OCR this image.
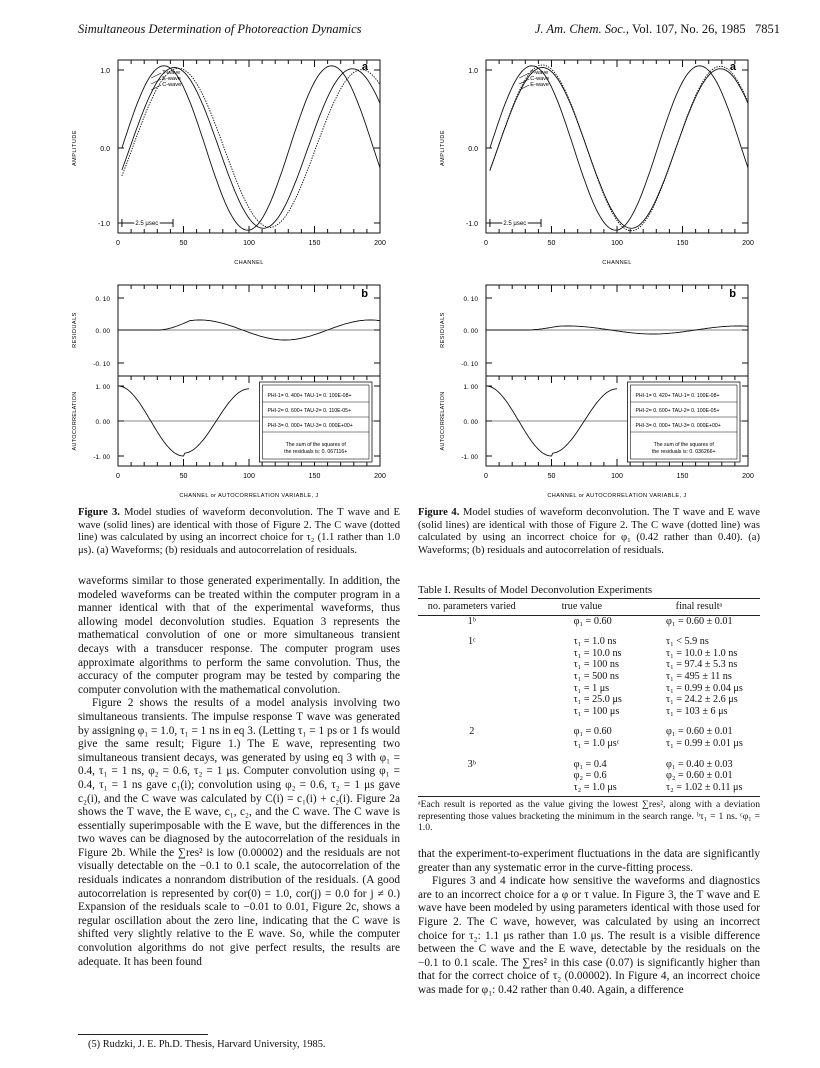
Simultaneous Determination of Photoreaction Dynamics	J. Am. Chem. Soc., Vol. 107, No. 26, 1985 7851
1.0
0.0
-1.0
AMPLITUDE
a
T-wave
E-wave
C-wave
2.5 μsec
0	50	100	150	200
CHANNEL
0. 10
0. 00
-0. 10
RESIDUALS
b
1. 00
0. 00
-1. 00
AUTOCORRELATION	PHI-1= 0. 400+ TAU-1= 0. 100E-08+
PHI-2= 0. 600+ TAU-2= 0. 110E-05+
PHI-3= 0. 000+ TAU-3= 0. 000E+00+
The sum of the squares of
the residuals is: 0. 067116+
0	50	100	150	200
CHANNEL or AUTOCORRELATION VARIABLE, J
1.0
0.0
-1.0
AMPLITUDE
a
T-wave
C-wave
E-wave
2.5 μsec
0	50	100	150	200
CHANNEL
0. 10
0. 00
-0. 10
RESIDUALS
b
1. 00
0. 00
-1. 00
AUTOCORRELATION	PHI-1= 0. 420+ TAU-1= 0. 100E-08+
PHI-2= 0. 600+ TAU-2= 0. 100E-05+
PHI-3= 0. 000+ TAU-3= 0. 000E+00+
The sum of the squares of
the residuals is: 0. 036266+
0	50	100	150	200
CHANNEL or AUTOCORRELATION VARIABLE, J
Figure 3. Model studies of waveform deconvolution. The T wave and E wave (solid lines) are identical with those of Figure 2. The C wave (dotted line) was calculated by using an incorrect choice for τ₂ (1.1 rather than 1.0 μs). (a) Waveforms; (b) residuals and autocorrelation of residuals.
Figure 4. Model studies of waveform deconvolution. The T wave and E wave (solid lines) are identical with those of Figure 2. The C wave (dotted line) was calculated by using an incorrect choice for φ₁ (0.42 rather than 0.40). (a) Waveforms; (b) residuals and autocorrelation of residuals.

waveforms similar to those generated experimentally. In addition, the modeled waveforms can be treated within the computer program in a manner identical with that of the experimental waveforms, thus allowing model deconvolution studies. Equation 3 represents the mathematical convolution of one or more simultaneous transient decays with a transducer response. The computer program uses approximate algorithms to perform the same convolution. Thus, the accuracy of the computer program may be tested by comparing the computer convolution with the mathematical convolution.

Figure 2 shows the results of a model analysis involving two simultaneous transients. The impulse response T wave was generated by assigning φ₁ = 1.0, τ₁ = 1 ns in eq 3. (Letting τ₁ = 1 ps or 1 fs would give the same result; Figure 1.) The E wave, representing two simultaneous transient decays, was generated by using eq 3 with φ₁ = 0.4, τ₁ = 1 ns, φ₂ = 0.6, τ₂ = 1 μs. Computer convolution using φ₁ = 0.4, τ₁ = 1 ns gave c₁(i); convolution using φ₂ = 0.6, τ₂ = 1 μs gave c₂(i), and the C wave was calculated by C(i) = c₁(i) + c₂(i). Figure 2a shows the T wave, the E wave, c₁, c₂, and the C wave. The C wave is essentially superimposable with the E wave, but the differences in the two waves can be diagnosed by the autocorrelation of the residuals in Figure 2b. While the ∑res² is low (0.00002) and the residuals are not visually detectable on the −0.1 to 0.1 scale, the autocorrelation of the residuals indicates a nonrandom distribution of the residuals. (A good autocorrelation is represented by cor(0) = 1.0, cor(j) = 0.0 for j ≠ 0.) Expansion of the residuals scale to −0.01 to 0.01, Figure 2c, shows a regular oscillation about the zero line, indicating that the C wave is shifted very slightly relative to the E wave. So, while the computer convolution algorithms do not give perfect results, the results are adequate. It has been found

(5) Rudzki, J. E. Ph.D. Thesis, Harvard University, 1985.
Table I. Results of Model Deconvolution Experiments
no. parameters varied	true value	final resultᵃ
1ᵇ	φ₁ = 0.60	φ₁ = 0.60 ± 0.01
1ᶜ	τ₁ = 1.0 ns	τ₁ < 5.9 ns
	τ₁ = 10.0 ns	τ₁ = 10.0 ± 1.0 ns
	τ₁ = 100 ns	τ₁ = 97.4 ± 5.3 ns
	τ₁ = 500 ns	τ₁ = 495 ± 11 ns
	τ₁ = 1 μs	τ₁ = 0.99 ± 0.04 μs
	τ₁ = 25.0 μs	τ₁ = 24.2 ± 2.6 μs
	τ₁ = 100 μs	τ₁ = 103 ± 6 μs
2	φ₁ = 0.60	φ₁ = 0.60 ± 0.01
	τ₁ = 1.0 μsᶜ	τ₁ = 0.99 ± 0.01 μs
3ᵇ	φ₁ = 0.4	φ₁ = 0.40 ± 0.03
	φ₂ = 0.6	φ₂ = 0.60 ± 0.01
	τ₂ = 1.0 μs	τ₂ = 1.02 ± 0.11 μs
ᵃEach result is reported as the value giving the lowest ∑res², along with a deviation representing those values bracketing the minimum in the search range. ᵇτ₁ = 1 ns. ᶜφ₁ = 1.0.

that the experiment-to-experiment fluctuations in the data are significantly greater than any systematic error in the curve-fitting process.

Figures 3 and 4 indicate how sensitive the waveforms and diagnostics are to an incorrect choice for a φ or τ value. In Figure 3, the T wave and E wave have been modeled by using parameters identical with those used for Figure 2. The C wave, however, was calculated by using an incorrect choice for τ₂: 1.1 μs rather than 1.0 μs. The result is a visible difference between the C wave and the E wave, detectable by the residuals on the −0.1 to 0.1 scale. The ∑res² in this case (0.07) is significantly higher than that for the correct choice of τ₂ (0.00002). In Figure 4, an incorrect choice was made for φ₁: 0.42 rather than 0.40. Again, a difference
